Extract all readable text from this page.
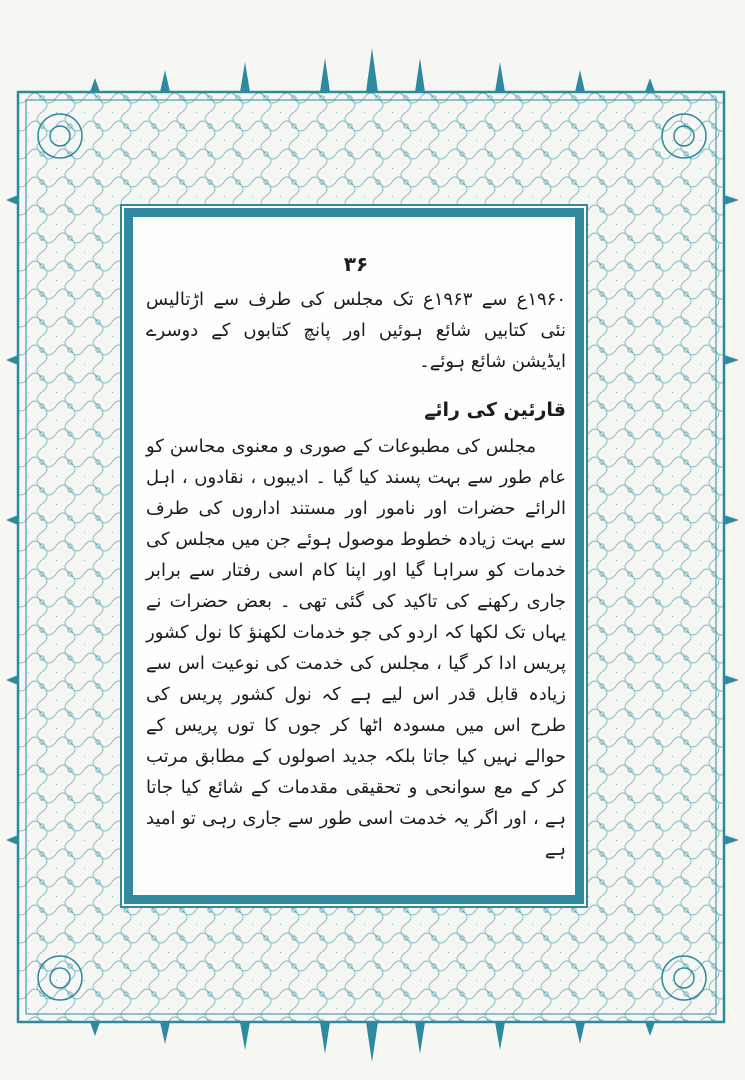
۳۶

۱۹۶۰ع سے ۱۹۶۳ع تک مجلس کی طرف سے اڑتالیس نئی کتابیں شائع ہوئیں اور پانچ کتابوں کے دوسرے ایڈیشن شائع ہوئے۔

قارئین کی رائے

مجلس کی مطبوعات کے صوری و معنوی محاسن کو عام طور سے بہت پسند کیا گیا ۔ ادیبوں ، نقادوں ، اہل الرائے حضرات اور نامور اور مستند اداروں کی طرف سے بہت زیادہ خطوط موصول ہوئے جن میں مجلس کی خدمات کو سراہا گیا اور اپنا کام اسی رفتار سے برابر جاری رکھنے کی تاکید کی گئی تھی ۔ بعض حضرات نے یہاں تک لکھا کہ اردو کی جو خدمات لکھنؤ کا نول کشور پریس ادا کر گیا ، مجلس کی خدمت کی نوعیت اس سے زیادہ قابل قدر اس لیے ہے کہ نول کشور پریس کی طرح اس میں مسودہ اٹھا کر جوں کا توں پریس کے حوالے نہیں کیا جاتا بلکہ جدید اصولوں کے مطابق مرتب کر کے مع سوانحی و تحقیقی مقدمات کے شائع کیا جاتا ہے ، اور اگر یہ خدمت اسی طور سے جاری رہی تو امید ہے
